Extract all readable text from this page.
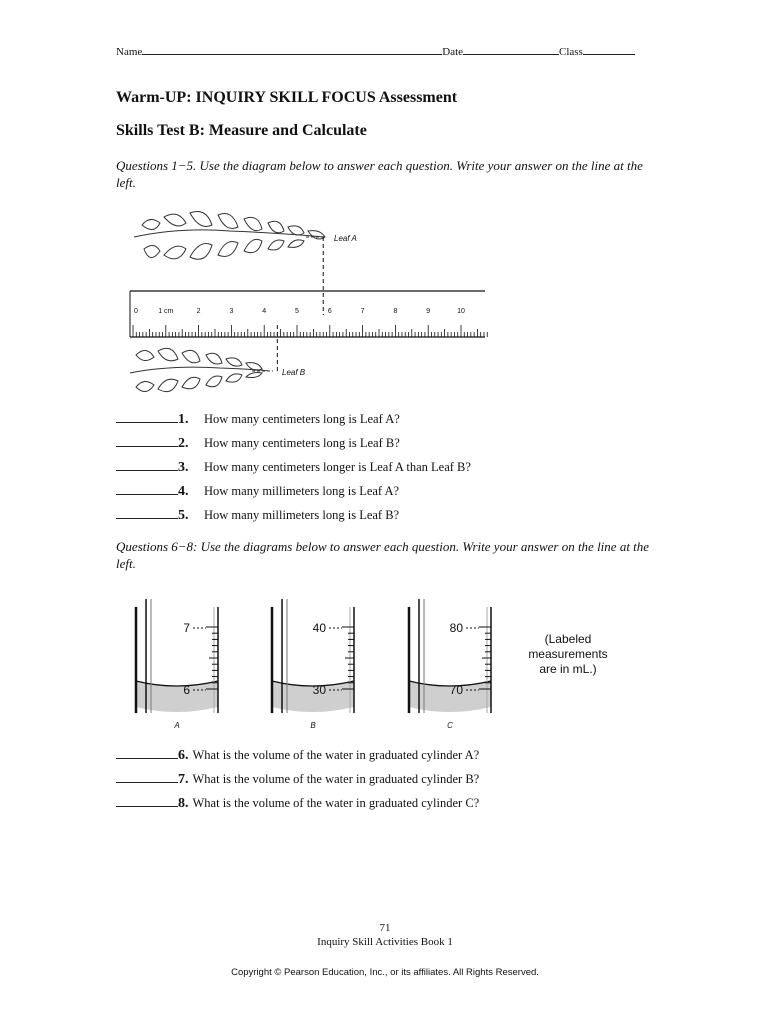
Name	Date	Class
Warm-UP: INQUIRY SKILL FOCUS Assessment
Skills Test B: Measure and Calculate
Questions 1−5. Use the diagram below to answer each question. Write your answer on the line at the left.
Leaf A
0	1 cm	2	3	4	5	6	7	8	9	10
Leaf B
1. How many centimeters long is Leaf A?
2. How many centimeters long is Leaf B?
3. How many centimeters longer is Leaf A than Leaf B?
4. How many millimeters long is Leaf A?
5. How many millimeters long is Leaf B?
Questions 6−8: Use the diagrams below to answer each question. Write your answer on the line at the left.
7
6
A
40
30
B
80
70
C
(Labeled
measurements
are in mL.)
6. What is the volume of the water in graduated cylinder A?
7. What is the volume of the water in graduated cylinder B?
8. What is the volume of the water in graduated cylinder C?
71
Inquiry Skill Activities Book 1
Copyright © Pearson Education, Inc., or its affiliates. All Rights Reserved.
